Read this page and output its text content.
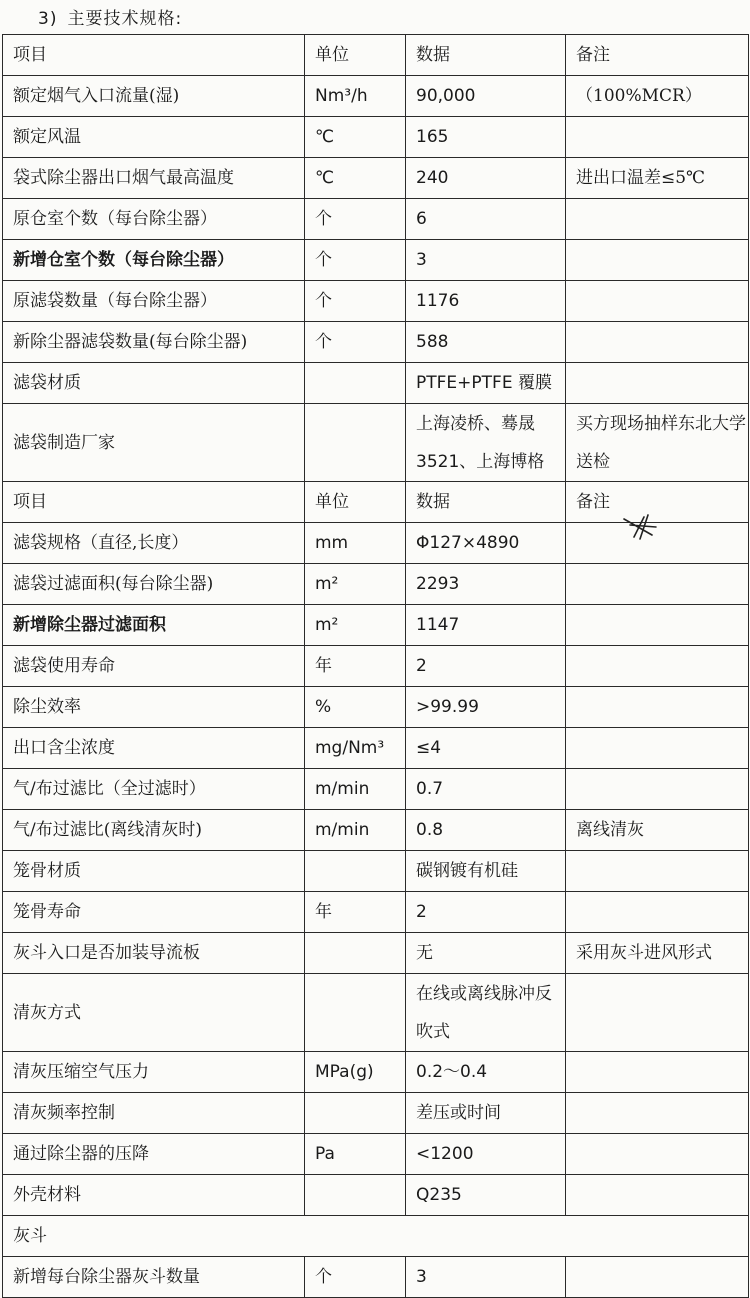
3) 主要技术规格:
项目	单位	数据	备注
额定烟气入口流量(湿)	Nm³/h	90,000	（100%MCR）
额定风温	℃	165	
袋式除尘器出口烟气最高温度	℃	240	进出口温差≤5℃
原仓室个数（每台除尘器）	个	6	
新增仓室个数（每台除尘器）	个	3	
原滤袋数量（每台除尘器）	个	1176	
新除尘器滤袋数量(每台除尘器)	个	588	
滤袋材质		PTFE+PTFE 覆膜	
滤袋制造厂家		上海凌桥、蓦晟3521、上海博格	买方现场抽样东北大学送检
项目	单位	数据	备注
滤袋规格（直径,长度）	mm	Φ127×4890	
滤袋过滤面积(每台除尘器)	m²	2293	
新增除尘器过滤面积	m²	1147	
滤袋使用寿命	年	2	
除尘效率	%	>99.99	
出口含尘浓度	mg/Nm³	≤4	
气/布过滤比（全过滤时）	m/min	0.7	
气/布过滤比(离线清灰时)	m/min	0.8	离线清灰
笼骨材质		碳钢镀有机硅	
笼骨寿命	年	2	
灰斗入口是否加装导流板		无	采用灰斗进风形式
清灰方式		在线或离线脉冲反吹式	
清灰压缩空气压力	MPa(g)	0.2～0.4	
清灰频率控制		差压或时间	
通过除尘器的压降	Pa	<1200	
外壳材料		Q235	
灰斗			
新增每台除尘器灰斗数量	个	3	
